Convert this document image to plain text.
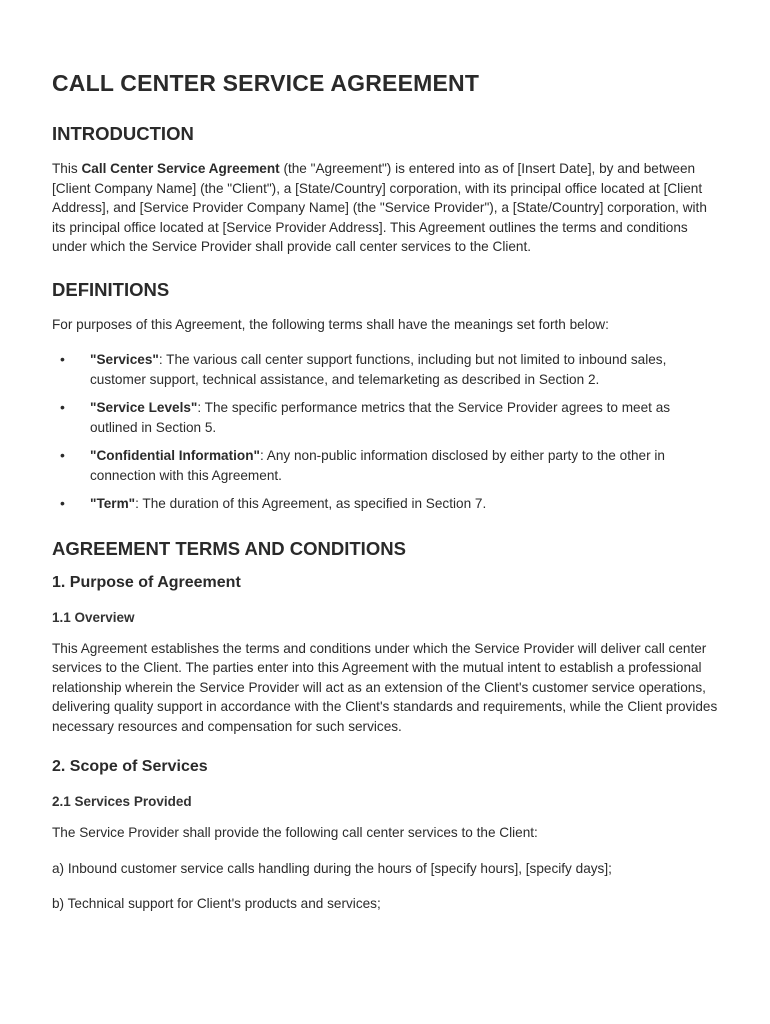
CALL CENTER SERVICE AGREEMENT
INTRODUCTION

This Call Center Service Agreement (the "Agreement") is entered into as of [Insert Date], by and between [Client Company Name] (the "Client"), a [State/Country] corporation, with its principal office located at [Client Address], and [Service Provider Company Name] (the "Service Provider"), a [State/Country] corporation, with its principal office located at [Service Provider Address]. This Agreement outlines the terms and conditions under which the Service Provider shall provide call center services to the Client.

DEFINITIONS

For purposes of this Agreement, the following terms shall have the meanings set forth below:

• "Services": The various call center support functions, including but not limited to inbound sales, customer support, technical assistance, and telemarketing as described in Section 2.
• "Service Levels": The specific performance metrics that the Service Provider agrees to meet as outlined in Section 5.
• "Confidential Information": Any non-public information disclosed by either party to the other in connection with this Agreement.
• "Term": The duration of this Agreement, as specified in Section 7.
AGREEMENT TERMS AND CONDITIONS
1. Purpose of Agreement
1.1 Overview

This Agreement establishes the terms and conditions under which the Service Provider will deliver call center services to the Client. The parties enter into this Agreement with the mutual intent to establish a professional relationship wherein the Service Provider will act as an extension of the Client's customer service operations, delivering quality support in accordance with the Client's standards and requirements, while the Client provides necessary resources and compensation for such services.

2. Scope of Services
2.1 Services Provided

The Service Provider shall provide the following call center services to the Client:

a) Inbound customer service calls handling during the hours of [specify hours], [specify days];

b) Technical support for Client's products and services;
